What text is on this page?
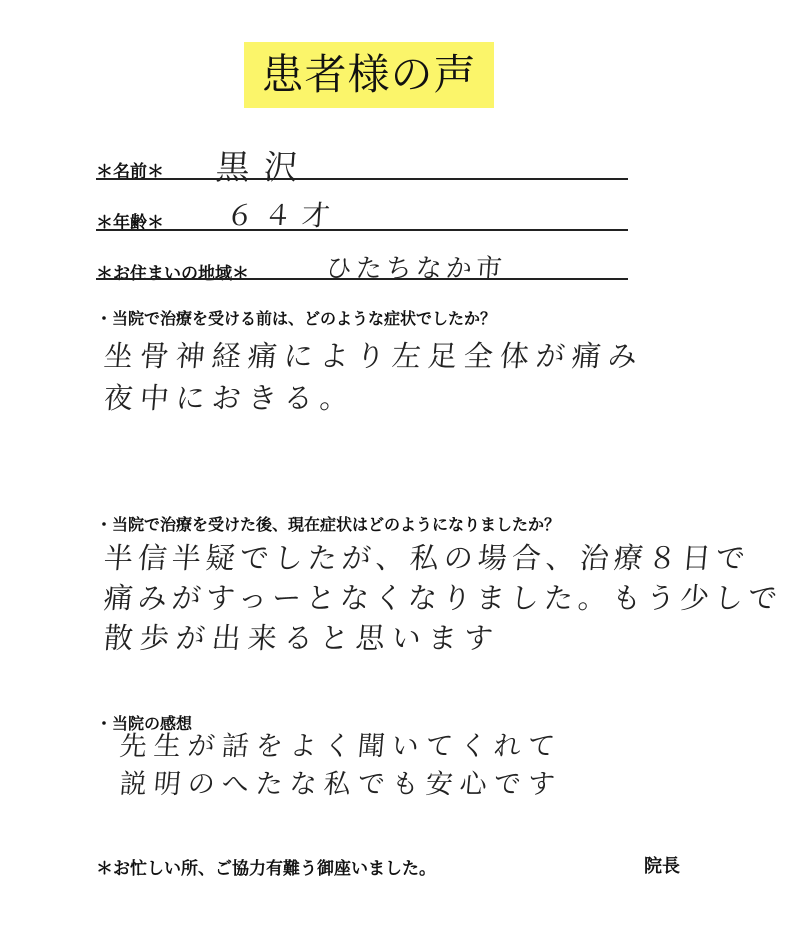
患者様の声
＊名前＊ 黒沢
＊年齢＊ ６４才
＊お住まいの地域＊	ひたちなか市
・当院で治療を受ける前は、どのような症状でしたか？
坐骨神経痛により左足全体が痛み
夜中におきる。
・当院で治療を受けた後、現在症状はどのようになりましたか？
半信半疑でしたが、私の場合、治療８日で
痛みがすっーとなくなりました。もう少しで
散歩が出来ると思います
・当院の感想
先生が話をよく聞いてくれて
説明のへたな私でも安心です
＊お忙しい所、ご協力有難う御座いました。	院長
